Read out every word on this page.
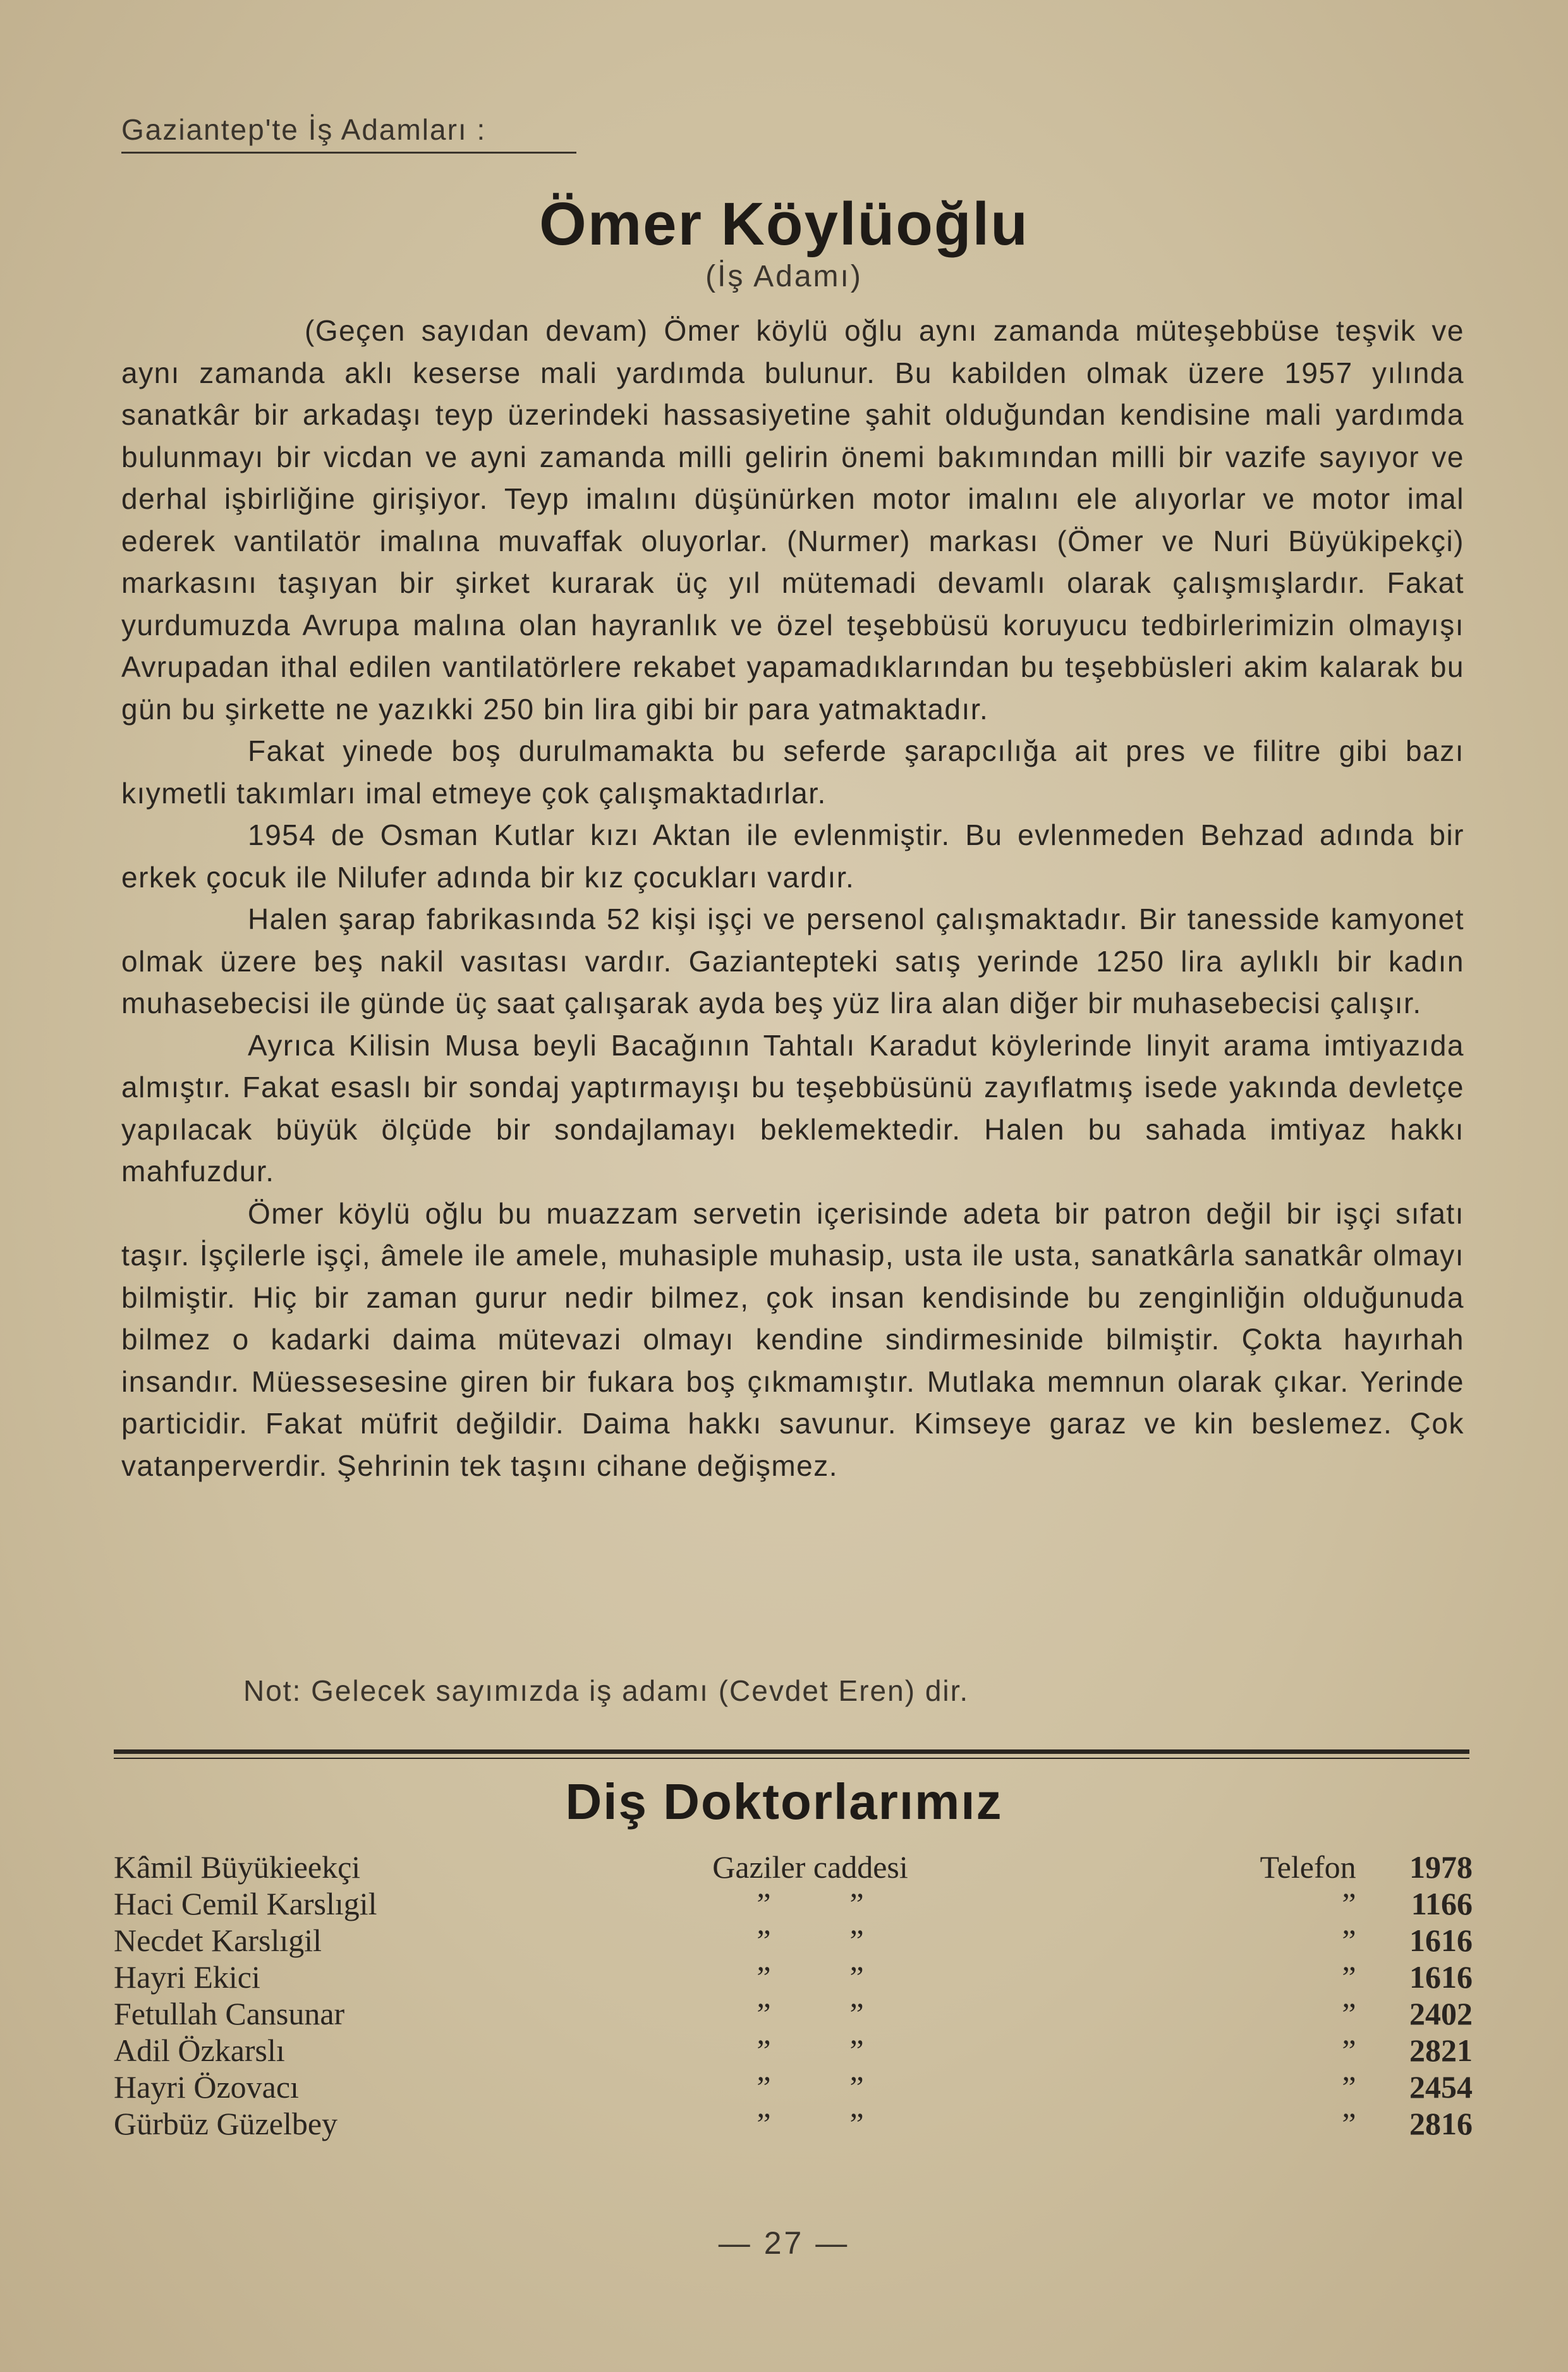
Gaziantep'te İş Adamları :
Ömer Köylüoğlu
(İş Adamı)

(Geçen sayıdan devam) Ömer köylü oğlu aynı zamanda müteşebbüse teşvik ve aynı zamanda aklı keserse mali yardımda bulunur. Bu kabilden olmak üzere 1957 yılında sanatkâr bir arkadaşı teyp üzerindeki hassasiyetine şahit olduğundan kendisine mali yardımda bulunmayı bir vicdan ve ayni zamanda milli gelirin önemi bakımından milli bir vazife sayıyor ve derhal işbirliğine girişiyor. Teyp imalını düşünürken motor imalını ele alıyorlar ve motor imal ederek vantilatör imalına muvaffak oluyorlar. (Nurmer) markası (Ömer ve Nuri Büyükipekçi) markasını taşıyan bir şirket kurarak üç yıl mütemadi devamlı olarak çalışmışlardır. Fakat yurdumuzda Avrupa malına olan hayranlık ve özel teşebbüsü koruyucu tedbirlerimizin olmayışı Avrupadan ithal edilen vantilatörlere rekabet yapamadıklarından bu teşebbüsleri akim kalarak bu gün bu şirkette ne yazıkki 250 bin lira gibi bir para yatmaktadır.

Fakat yinede boş durulmamakta bu seferde şarapcılığa ait pres ve filitre gibi bazı kıymetli takımları imal etmeye çok çalışmaktadırlar.

1954 de Osman Kutlar kızı Aktan ile evlenmiştir. Bu evlenmeden Behzad adında bir erkek çocuk ile Nilufer adında bir kız çocukları vardır.

Halen şarap fabrikasında 52 kişi işçi ve persenol çalışmaktadır. Bir tanesside kamyonet olmak üzere beş nakil vasıtası vardır. Gazianteptеki satış yerinde 1250 lira aylıklı bir kadın muhasebecisi ile günde üç saat çalışarak ayda beş yüz lira alan diğer bir muhasebecisi çalışır.

Ayrıca Kilisin Musa beyli Bacağının Tahtalı Karadut köylerinde linyit arama imtiyazıda almıştır. Fakat esaslı bir sondaj yaptırmayışı bu teşebbüsünü zayıflatmış isede yakında devletçe yapılacak büyük ölçüde bir sondajlamayı beklemektedir. Halen bu sahada imtiyaz hakkı mahfuzdur.

Ömer köylü oğlu bu muazzam servetin içerisinde adeta bir patron değil bir işçi sıfatı taşır. İşçilerle işçi, âmele ile amele, muhasiple muhasip, usta ile usta, sanatkârla sanatkâr olmayı bilmiştir. Hiç bir zaman gurur nedir bilmez, çok insan kendisinde bu zenginliğin olduğunuda bilmez o kadarki daima mütevazi olmayı kendine sindirmesinide bilmiştir. Çokta hayırhah insandır. Müessesesine giren bir fukara boş çıkmamıştır. Mutlaka memnun olarak çıkar. Yerinde particidir. Fakat müfrit değildir. Daima hakkı savunur. Kimseye garaz ve kin beslemez. Çok vatanperverdir. Şehrinin tek taşını cihane değişmez.

Not: Gelecek sayımızda iş adamı (Cevdet Eren) dir.
Diş Doktorlarımız
Kâmil Büyükieekçi	Gaziler caddesi		Telefon	1978
Haci Cemil Karslıgil	” ”		”	1166
Necdet Karslıgil	” ”		”	1616
Hayri Ekici	” ”		”	1616
Fetullah Cansunar	” ”		”	2402
Adil Özkarslı	” ”		”	2821
Hayri Özovacı	” ”		”	2454
Gürbüz Güzelbey	” ”		”	2816
— 27 —
